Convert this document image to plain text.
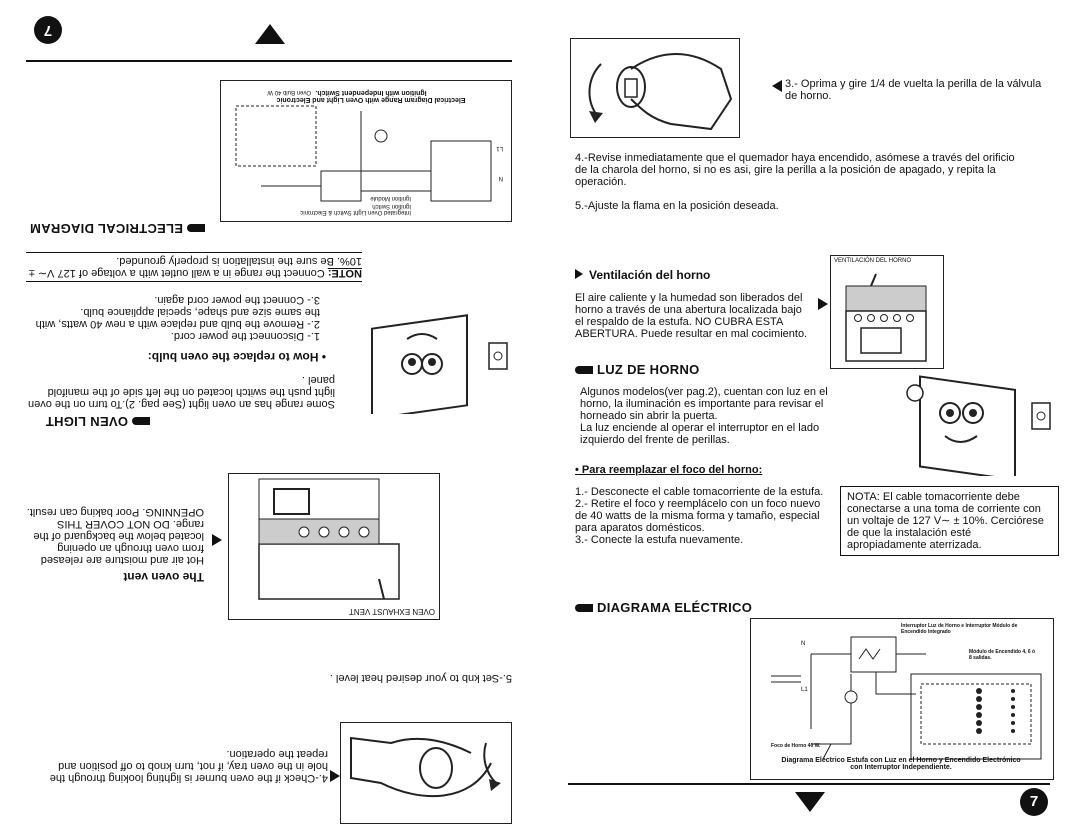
7
4.-Check if the oven burner is lighting looking through the hole in the oven tray, if not, turn knob to off position and repeat the operation.
5.-Set knb to your desired heat level .
The oven vent
Hot air and moisture are released from oven through an opening located below the backguard of the range. DO NOT COVER THIS OPENNING. Poor baking can result.
OVEN EXHAUST VENT
OVEN LIGHT
Some range has an oven light (See pag. 2).To turn on the oven light push the switch located on the left side of the manifold panel .
• How to replace the oven bulb:
1.- Disconnect the power cord.
2.- Remove the bulb and replace with a new 40 watts, with the same size and shape, special appliance bulb.
3.- Connect the power cord again.
NOTE: Connect the range in a wall outlet with a voltage of 127 V∼ ± 10%. Be sure the installation is properly grounded.
ELECTRICAL DIAGRAM
Integrated Oven Light Switch & Electronic Ignition Switch
Ignition Module
N
L1
Oven Bulb 40 W
Electrical Diagram Range with Oven Light and Electronic Ignition with Independent Switch.
3.- Oprima y gire 1/4 de vuelta la perilla de la válvula de horno.
4.-Revise inmediatamente que el quemador haya encendido, asómese a través del orificio de la charola del horno, si no es asi, gire la perilla a la posición de apagado, y repita la operación.
5.-Ajuste la flama en la posición deseada.
Ventilación del horno
El aire caliente y la humedad son liberados del horno a través de una abertura localizada bajo el respaldo de la estufa. NO CUBRA ESTA ABERTURA. Puede resultar en mal cocimiento.
VENTILACIÓN DEL HORNO
LUZ DE HORNO
Algunos modelos(ver pag.2), cuentan con luz en el horno, la iluminación es importante para revisar el horneado sin abrir la puerta.
La luz enciende al operar el interruptor en el lado izquierdo del frente de perillas.
• Para reemplazar el foco del horno:
1.- Desconecte el cable tomacorriente de la estufa.
2.- Retire el foco y reemplácelo con un foco nuevo de 40 watts de la misma forma y tamaño, especial para aparatos domésticos.
3.- Conecte la estufa nuevamente.
NOTA: El cable tomacorriente debe conectarse a una toma de corriente con un voltaje de 127 V∼ ± 10%. Cerciórese de que la instalación esté apropiadamente aterrizada.
DIAGRAMA ELÉCTRICO
Interruptor Luz de Horno e Interruptor Módulo de Encendido Integrado
Módulo de Encendido 4, 6 ó 8 salidas.
N
L1
Foco de Horno 40 W.
Diagrama Eléctrico Estufa con Luz en el Horno y Encendido Electrónico con Interruptor Independiente.
7
